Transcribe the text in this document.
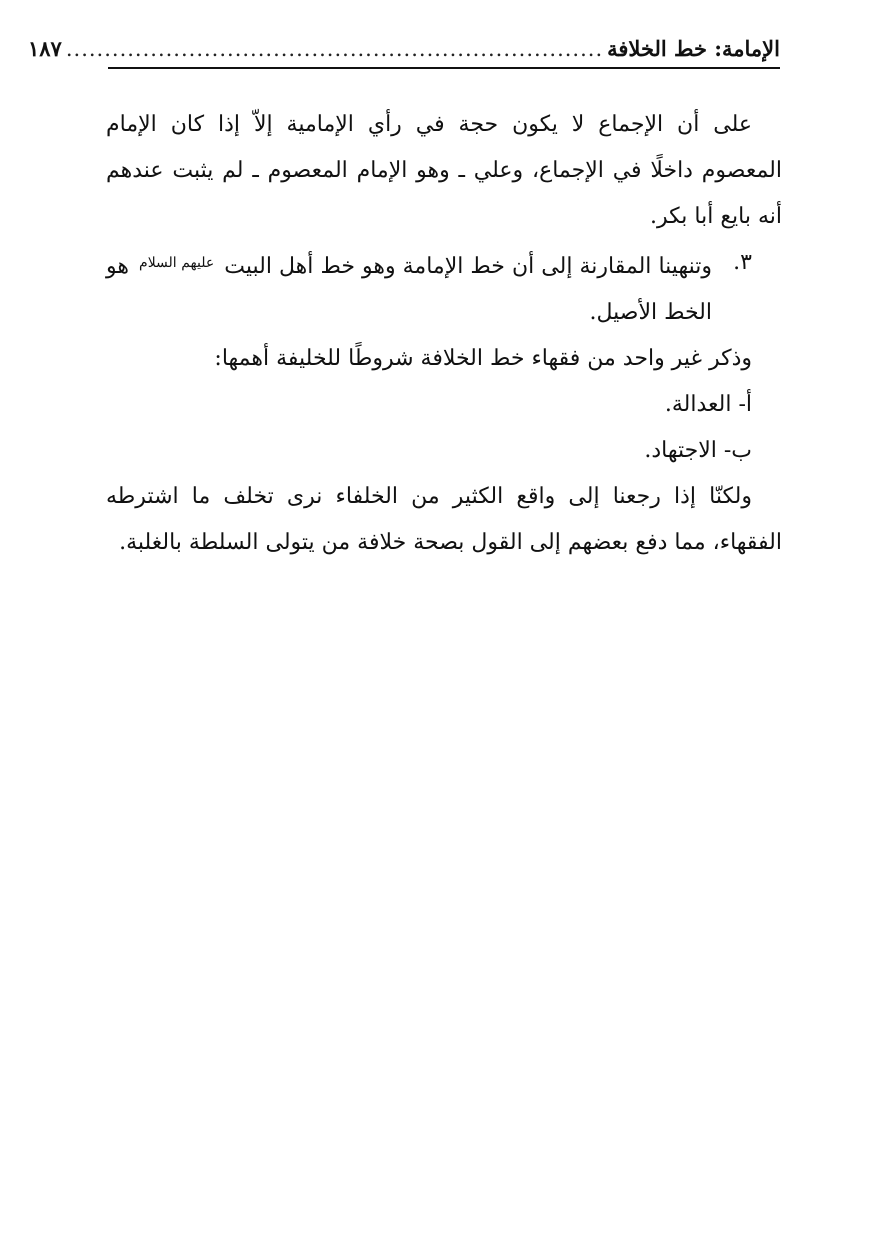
الإمامة: خط الخلافة
......................................................................
١٨٧

على أن الإجماع لا يكون حجة في رأي الإمامية إلاّ إذا كان الإمام المعصوم داخلًا في الإجماع، وعلي ـ وهو الإمام المعصوم ـ لم يثبت عندهم أنه بايع أبا بكر.

٣.
وتنهينا المقارنة إلى أن خط الإمامة وهو خط أهل البيت $^{عليهم السلام}$ هو الخط الأصيل.

وذكر غير واحد من فقهاء خط الخلافة شروطًا للخليفة أهمها:

أ- العدالة.

ب- الاجتهاد.

ولكنّا إذا رجعنا إلى واقع الكثير من الخلفاء نرى تخلف ما اشترطه الفقهاء، مما دفع بعضهم إلى القول بصحة خلافة من يتولى السلطة بالغلبة.
